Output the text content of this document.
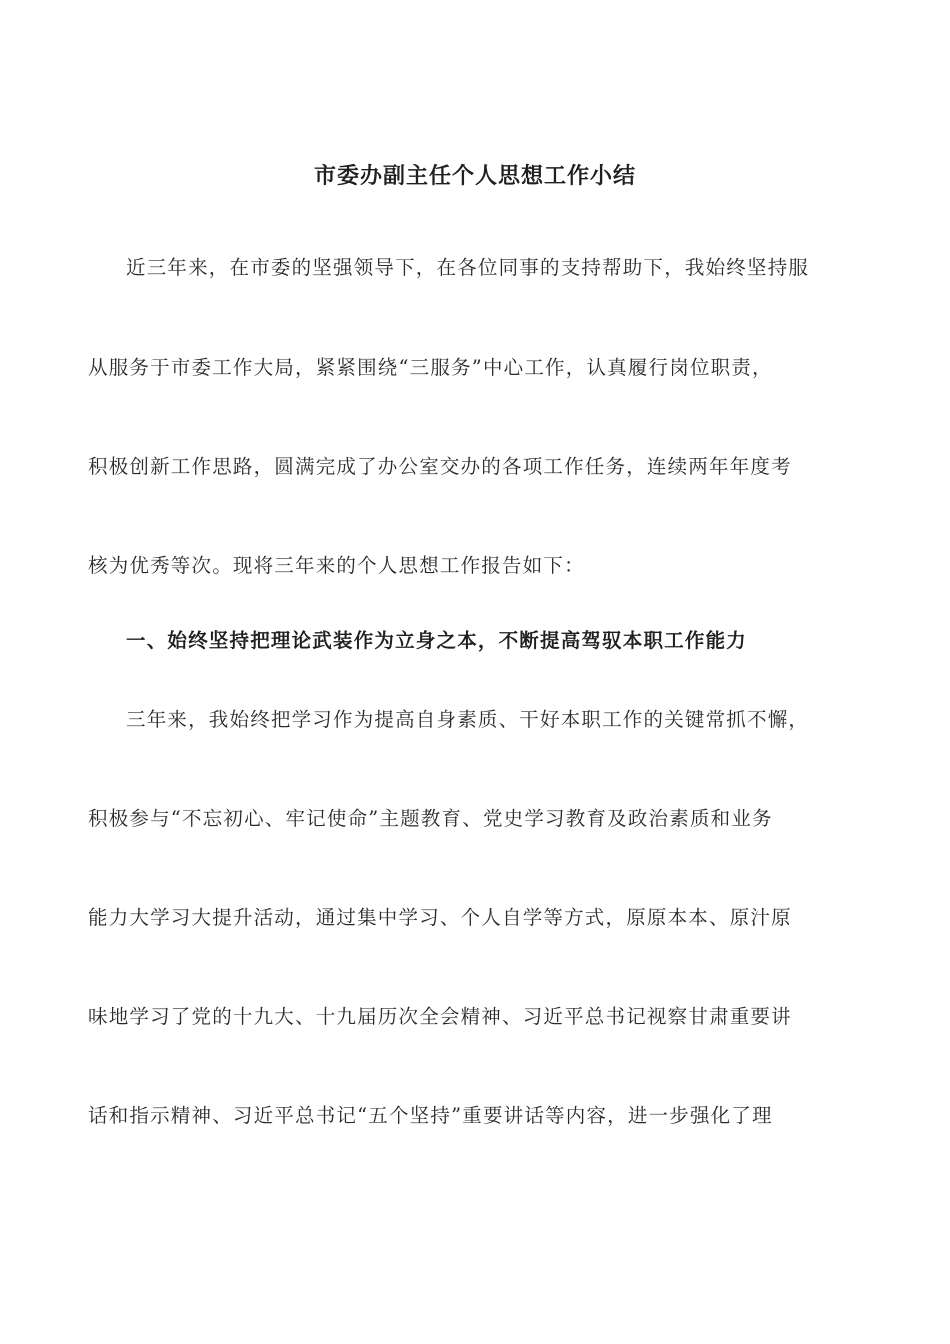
市委办副主任个人思想工作小结
近三年来，在市委的坚强领导下，在各位同事的支持帮助下，我始终坚持服
从服务于市委工作大局，紧紧围绕“三服务”中心工作，认真履行岗位职责，
积极创新工作思路，圆满完成了办公室交办的各项工作任务，连续两年年度考
核为优秀等次。现将三年来的个人思想工作报告如下：
一、始终坚持把理论武装作为立身之本，不断提高驾驭本职工作能力
三年来，我始终把学习作为提高自身素质、干好本职工作的关键常抓不懈，
积极参与“不忘初心、牢记使命”主题教育、党史学习教育及政治素质和业务
能力大学习大提升活动，通过集中学习、个人自学等方式，原原本本、原汁原
味地学习了党的十九大、十九届历次全会精神、习近平总书记视察甘肃重要讲
话和指示精神、习近平总书记“五个坚持”重要讲话等内容，进一步强化了理
